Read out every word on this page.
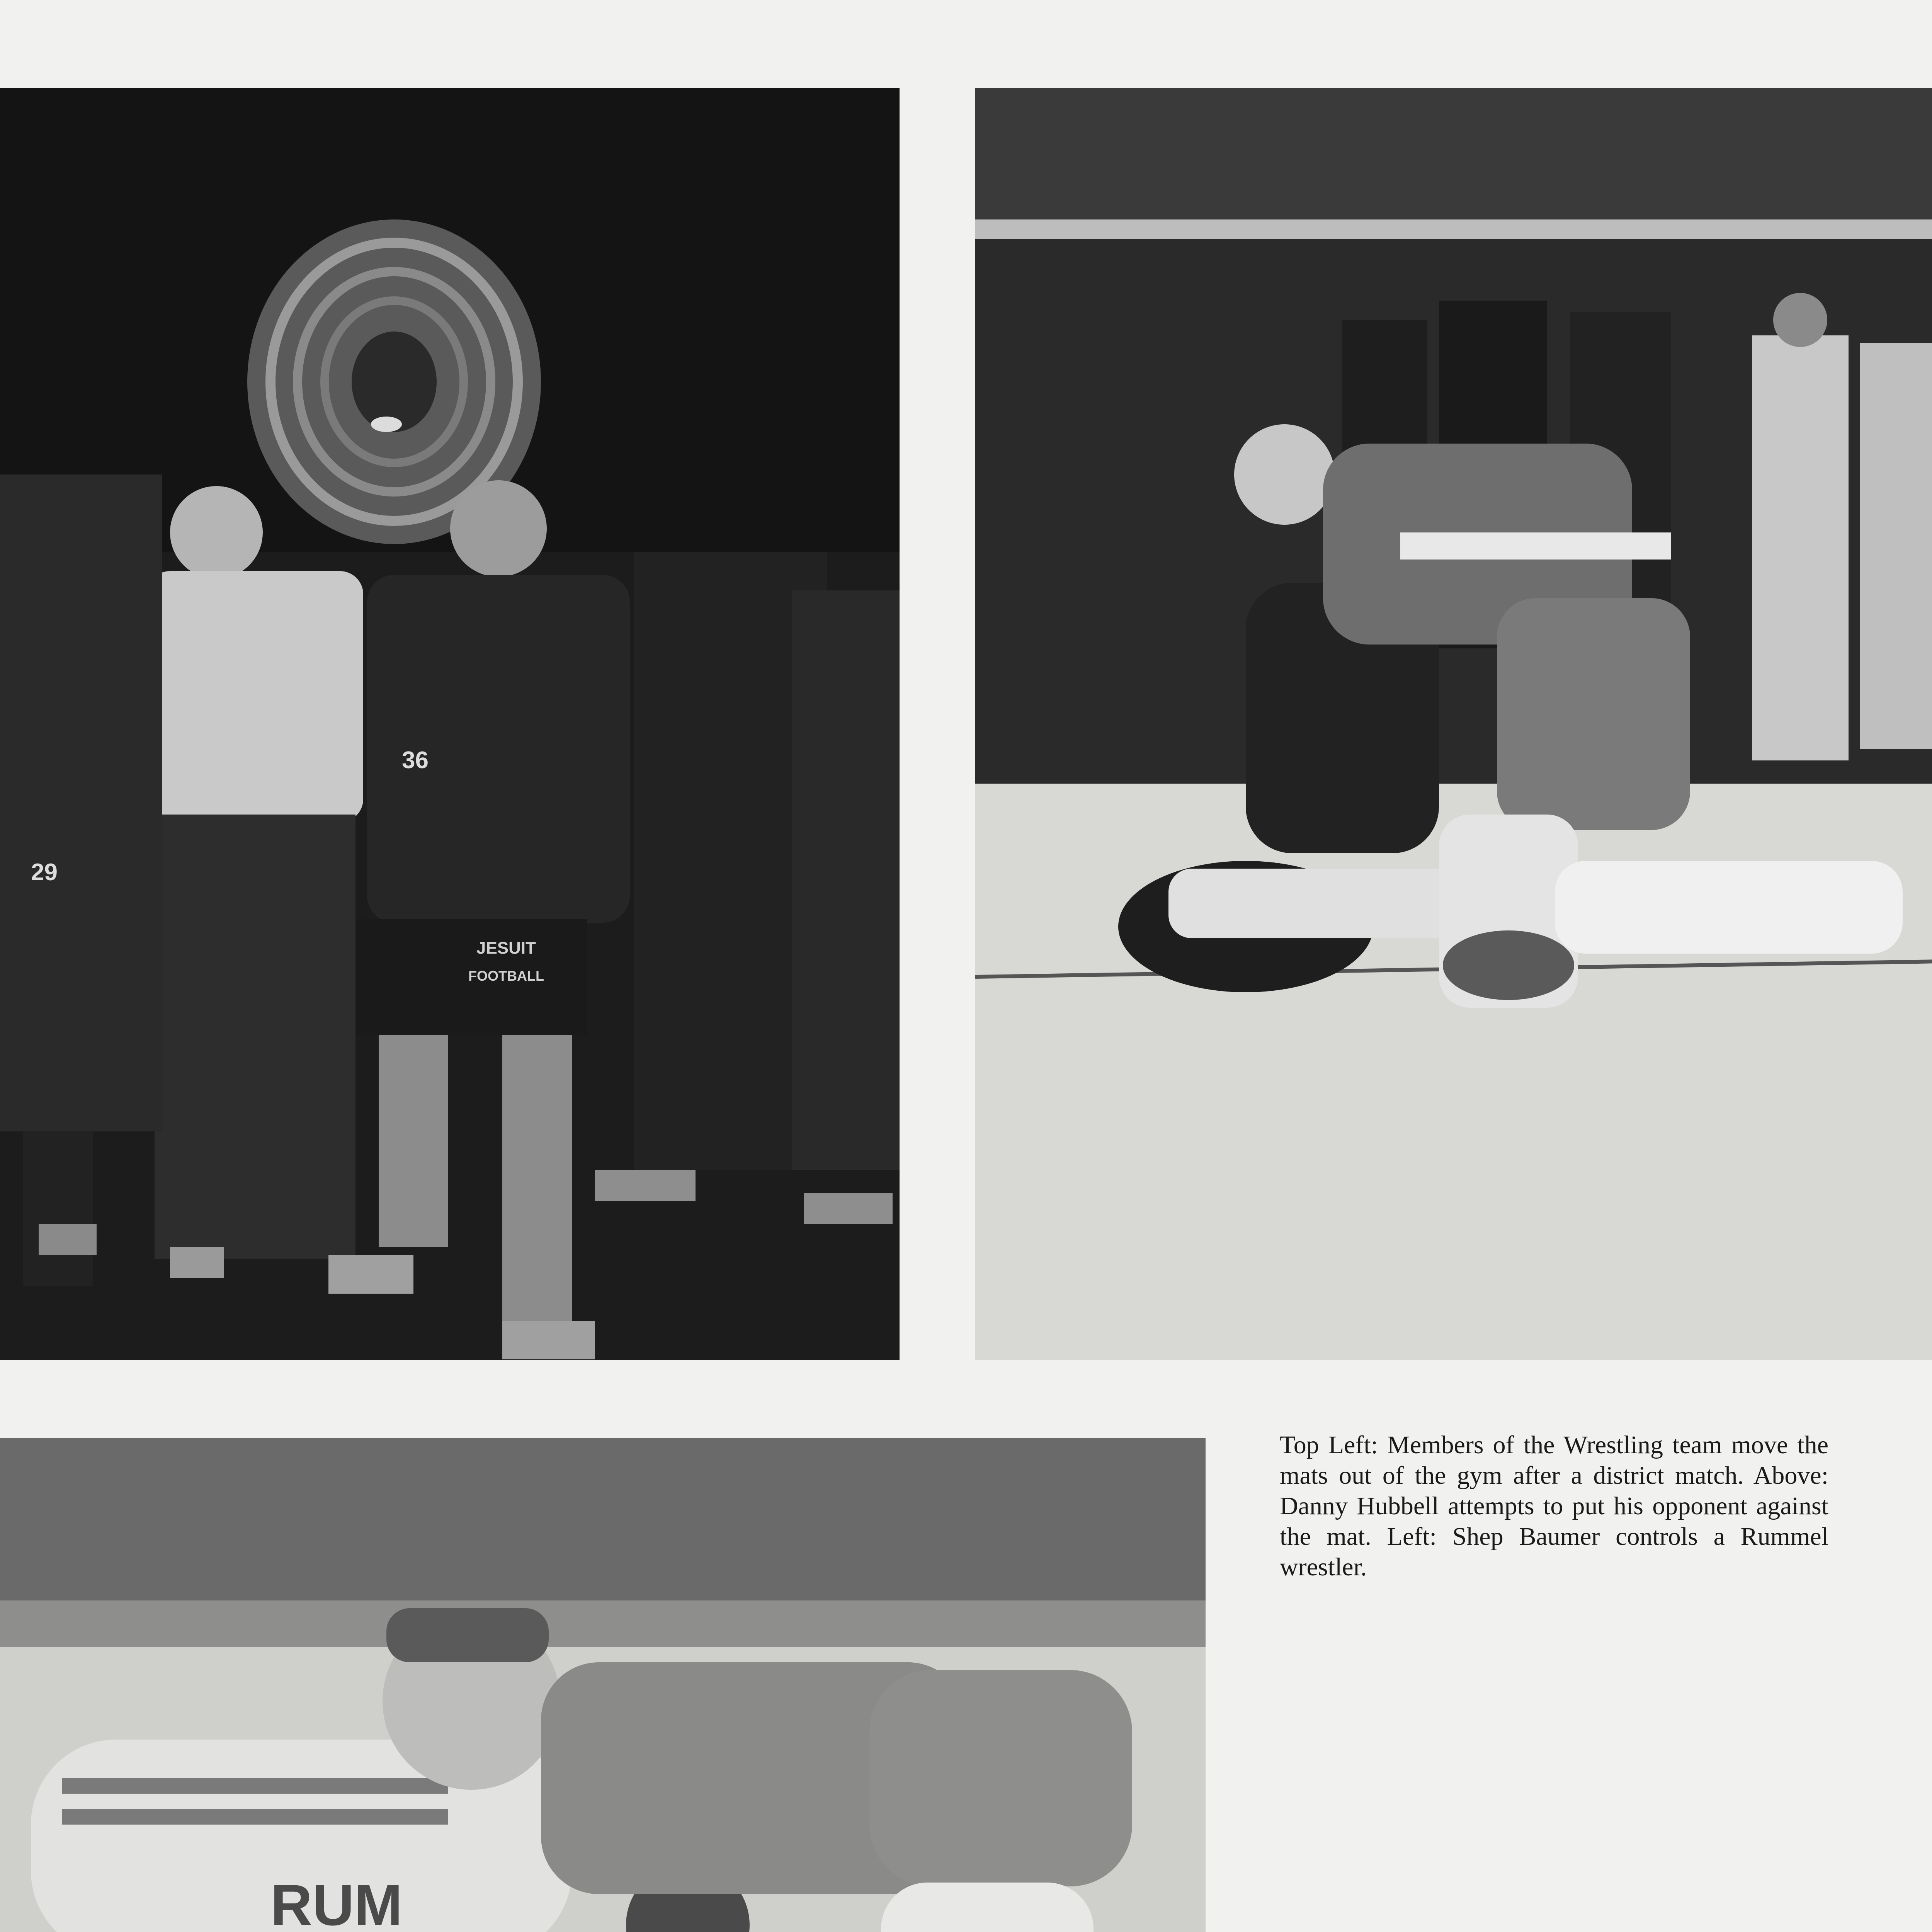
29
36
JESUIT
FOOTBALL
RUM

Top Left: Members of the Wrestling team move the mats out of the gym after a district match. Above: Danny Hubbell attempts to put his opponent against the mat. Left: Shep Baumer controls a Rummel wrestler.
